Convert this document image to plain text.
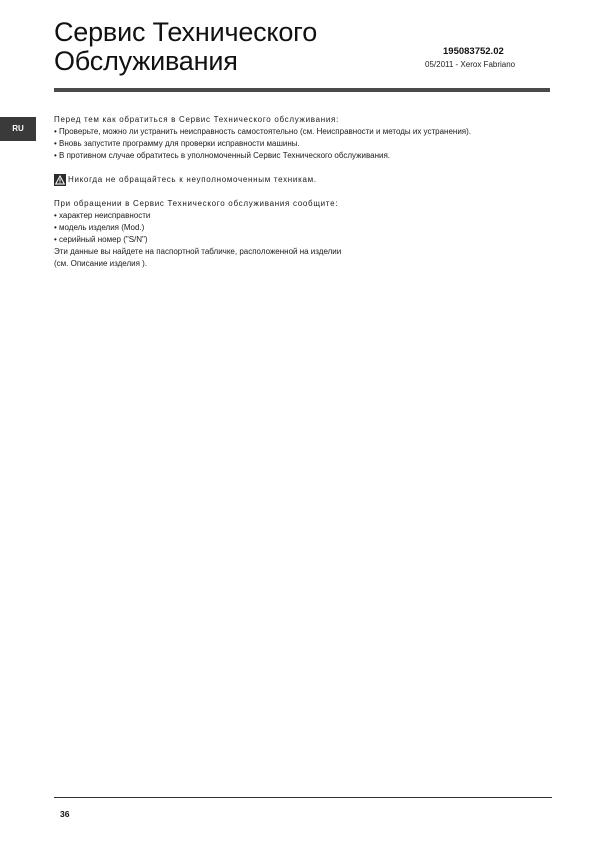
Сервис Технического
Обслуживания	195083752.02
05/2011 - Xerox Fabriano
RU

Перед тем как обратиться в Сервис Технического обслуживания:

• Проверьте, можно ли устранить неисправность самостоятельно (см. Неисправности и методы их устранения).

• Вновь запустите программу для проверки исправности машины.

• В противном случае обратитесь в уполномоченный Сервис Технического обслуживания.

Никогда не обращайтесь к неуполномоченным техникам.

При обращении в Сервис Технического обслуживания сообщите:

• характер неисправности

• модель изделия (Mod.)

• серийный номер ("S/N")

Эти данные вы найдете на паспортной табличке, расположенной на изделии

(см. Описание изделия ).

36
